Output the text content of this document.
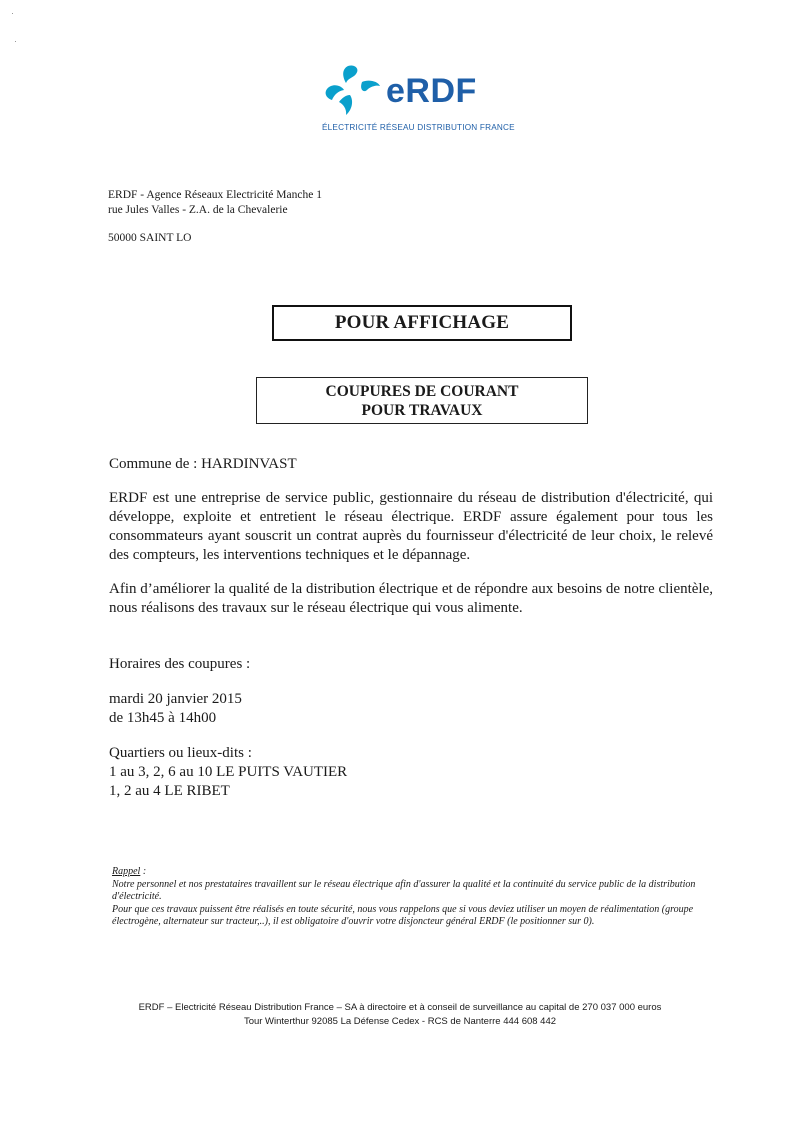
·
·
eRDF
ÉLECTRICITÉ RÉSEAU DISTRIBUTION FRANCE
ERDF - Agence Réseaux Electricité Manche 1
rue Jules Valles - Z.A. de la Chevalerie
50000 SAINT LO
POUR AFFICHAGE
COUPURES DE COURANT
POUR TRAVAUX
Commune de : HARDINVAST
ERDF est une entreprise de service public, gestionnaire du réseau de distribution d'électricité, qui développe, exploite et entretient le réseau électrique. ERDF assure également pour tous les consommateurs ayant souscrit un contrat auprès du fournisseur d'électricité de leur choix, le relevé des compteurs, les interventions techniques et le dépannage.
Afin d’améliorer la qualité de la distribution électrique et de répondre aux besoins de notre clientèle, nous réalisons des travaux sur le réseau électrique qui vous alimente.
Horaires des coupures :
mardi 20 janvier 2015
de 13h45 à 14h00
Quartiers ou lieux-dits :
1 au 3, 2, 6 au 10 LE PUITS VAUTIER
1, 2 au 4 LE RIBET
Rappel :
Notre personnel et nos prestataires travaillent sur le réseau électrique afin d'assurer la qualité et la continuité du service public de la distribution d'électricité.
Pour que ces travaux puissent être réalisés en toute sécurité, nous vous rappelons que si vous deviez utiliser un moyen de réalimentation (groupe électrogène, alternateur sur tracteur,..), il est obligatoire d'ouvrir votre disjoncteur général ERDF (le positionner sur 0).
ERDF – Electricité Réseau Distribution France – SA à directoire et à conseil de surveillance au capital de 270 037 000 euros
Tour Winterthur 92085 La Défense Cedex - RCS de Nanterre 444 608 442
